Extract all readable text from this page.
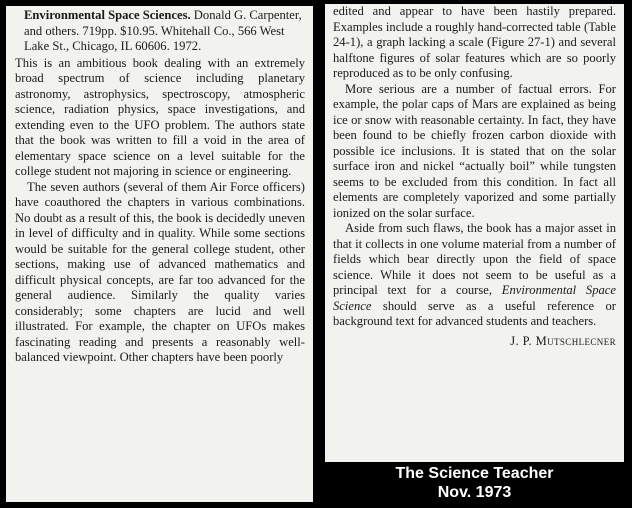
Environmental Space Sciences. Donald G. Carpenter, and others. 719pp. $10.95. Whitehall Co., 566 West Lake St., Chicago, IL 60606. 1972.

This is an ambitious book dealing with an extremely broad spectrum of science including planetary astronomy, astrophysics, spectroscopy, atmospheric science, radiation physics, space investigations, and extending even to the UFO problem. The authors state that the book was written to fill a void in the area of elementary space science on a level suitable for the college student not majoring in science or engineering.

The seven authors (several of them Air Force officers) have coauthored the chapters in various combinations. No doubt as a result of this, the book is decidedly uneven in level of difficulty and in quality. While some sections would be suitable for the general college student, other sections, making use of advanced mathematics and difficult physical concepts, are far too advanced for the general audience. Similarly the quality varies considerably; some chapters are lucid and well illustrated. For example, the chapter on UFOs makes fascinating reading and presents a reasonably well-balanced viewpoint. Other chapters have been poorly

edited and appear to have been hastily prepared. Examples include a roughly hand-corrected table (Table 24-1), a graph lacking a scale (Figure 27-1) and several halftone figures of solar features which are so poorly reproduced as to be only confusing.

More serious are a number of factual errors. For example, the polar caps of Mars are explained as being ice or snow with reasonable certainty. In fact, they have been found to be chiefly frozen carbon dioxide with possible ice inclusions. It is stated that on the solar surface iron and nickel “actually boil” while tungsten seems to be excluded from this condition. In fact all elements are completely vaporized and some partially ionized on the solar surface.

Aside from such flaws, the book has a major asset in that it collects in one volume material from a number of fields which bear directly upon the field of space science. While it does not seem to be useful as a principal text for a course, Environmental Space Science should serve as a useful reference or background text for advanced students and teachers.

J. P. Mutschlecner

The Science Teacher
Nov. 1973
